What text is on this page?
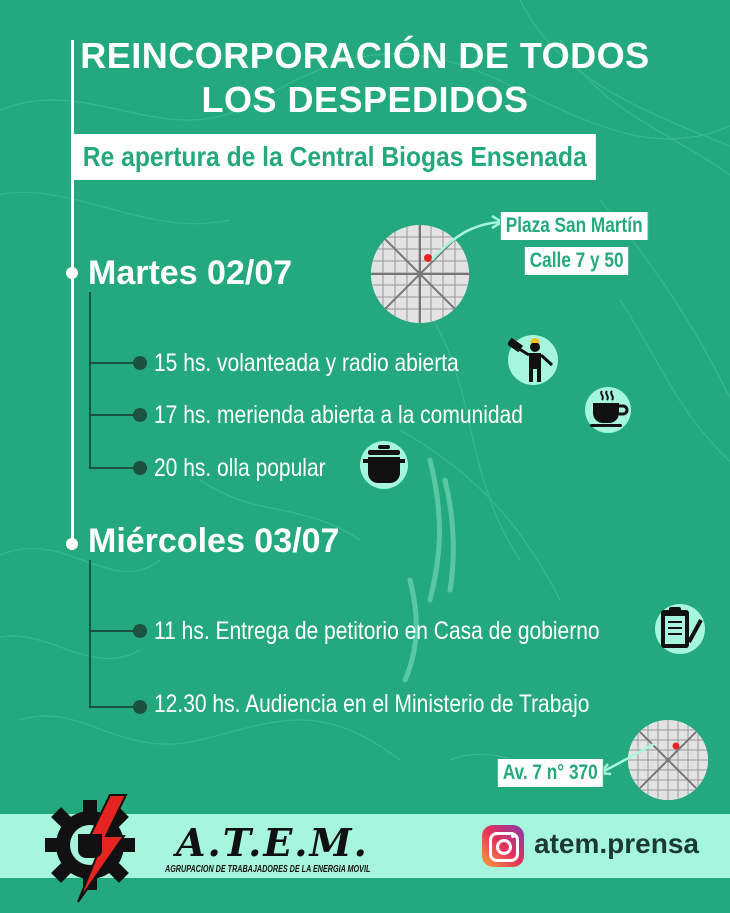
REINCORPORACIÓN DE TODOS
LOS DESPEDIDOS
Re apertura de la Central Biogas Ensenada
Martes 02/07
15 hs. volanteada y radio abierta
17 hs. merienda abierta a la comunidad
20 hs. olla popular
Plaza San Martín
Calle 7 y 50
Miércoles 03/07
11 hs. Entrega de petitorio en Casa de gobierno
12.30 hs. Audiencia en el Ministerio de Trabajo
Av. 7 n° 370
A.T.E.M.
AGRUPACION DE TRABAJADORES DE LA ENERGIA MOVIL
atem.prensa
